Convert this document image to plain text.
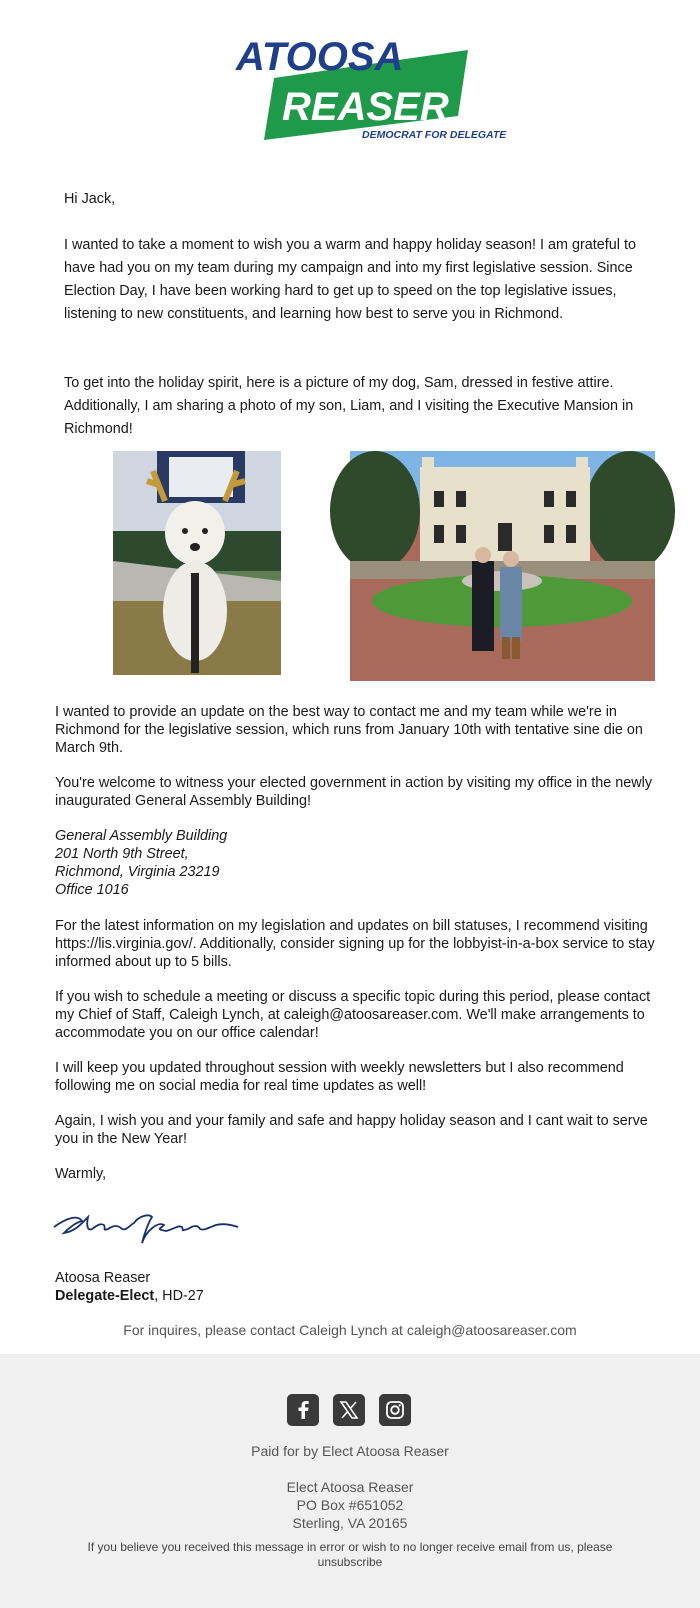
ATOOSA
REASER
DEMOCRAT FOR DELEGATE

Hi Jack,

I wanted to take a moment to wish you a warm and happy holiday season! I am grateful to have had you on my team during my campaign and into my first legislative session. Since Election Day, I have been working hard to get up to speed on the top legislative issues, listening to new constituents, and learning how best to serve you in Richmond.

To get into the holiday spirit, here is a picture of my dog, Sam, dressed in festive attire. Additionally, I am sharing a photo of my son, Liam, and I visiting the Executive Mansion in Richmond!

I wanted to provide an update on the best way to contact me and my team while we're in Richmond for the legislative session, which runs from January 10th with tentative sine die on March 9th.

You're welcome to witness your elected government in action by visiting my office in the newly inaugurated General Assembly Building!

General Assembly Building

201 North 9th Street,

Richmond, Virginia 23219

Office 1016

For the latest information on my legislation and updates on bill statuses, I recommend visiting https://lis.virginia.gov/. Additionally, consider signing up for the lobbyist-in-a-box service to stay informed about up to 5 bills.

If you wish to schedule a meeting or discuss a specific topic during this period, please contact my Chief of Staff, Caleigh Lynch, at caleigh@atoosareaser.com. We'll make arrangements to accommodate you on our office calendar!

I will keep you updated throughout session with weekly newsletters but I also recommend following me on social media for real time updates as well!

Again, I wish you and your family and safe and happy holiday season and I cant wait to serve you in the New Year!

Warmly,

Atoosa Reaser

Delegate-Elect, HD-27

For inquires, please contact Caleigh Lynch at caleigh@atoosareaser.com

Paid for by Elect Atoosa Reaser

Elect Atoosa Reaser

PO Box #651052

Sterling, VA 20165

If you believe you received this message in error or wish to no longer receive email from us, please unsubscribe
